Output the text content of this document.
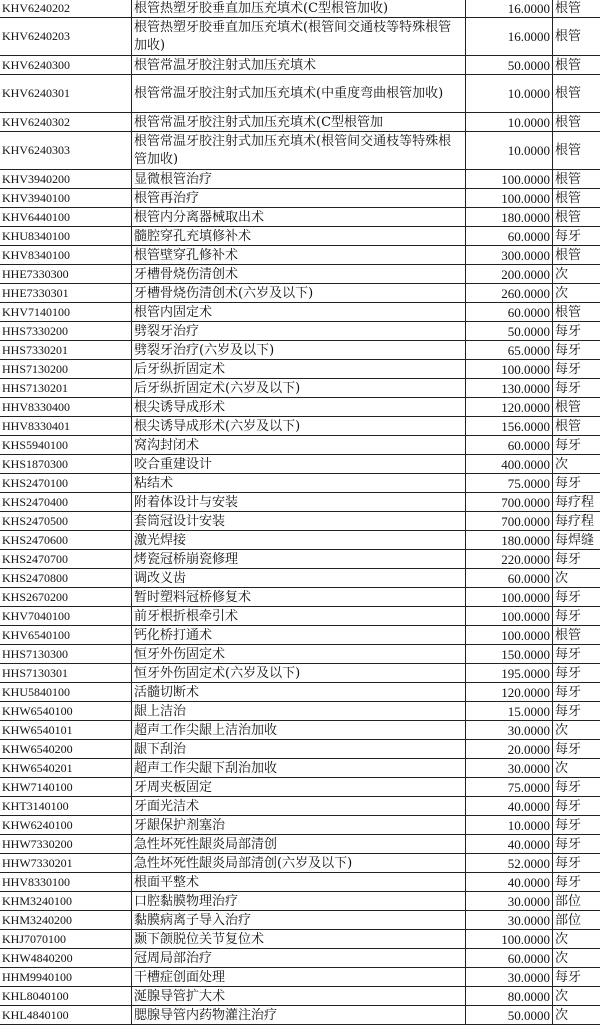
KHV6240202	根管热塑牙胶垂直加压充填术(C型根管加收)	16.0000	根管
KHV6240203	根管热塑牙胶垂直加压充填术(根管间交通枝等特殊根管加收)	16.0000	根管
KHV6240300	根管常温牙胶注射式加压充填术	50.0000	根管
KHV6240301	根管常温牙胶注射式加压充填术(中重度弯曲根管加收)	10.0000	根管
KHV6240302	根管常温牙胶注射式加压充填术(C型根管加	10.0000	根管
KHV6240303	根管常温牙胶注射式加压充填术(根管间交通枝等特殊根管加收)	10.0000	根管
KHV3940200	显微根管治疗	100.0000	根管
KHV3940100	根管再治疗	100.0000	根管
KHV6440100	根管内分离器械取出术	180.0000	根管
KHU8340100	髓腔穿孔充填修补术	60.0000	每牙
KHV8340100	根管壁穿孔修补术	300.0000	根管
HHE7330300	牙槽骨烧伤清创术	200.0000	次
HHE7330301	牙槽骨烧伤清创术(六岁及以下)	260.0000	次
KHV7140100	根管内固定术	60.0000	根管
HHS7330200	劈裂牙治疗	50.0000	每牙
HHS7330201	劈裂牙治疗(六岁及以下)	65.0000	每牙
HHS7130200	后牙纵折固定术	100.0000	每牙
HHS7130201	后牙纵折固定术(六岁及以下)	130.0000	每牙
HHV8330400	根尖诱导成形术	120.0000	根管
HHV8330401	根尖诱导成形术(六岁及以下)	156.0000	根管
KHS5940100	窝沟封闭术	60.0000	每牙
KHS1870300	咬合重建设计	400.0000	次
KHS2470100	粘结术	75.0000	每牙
KHS2470400	附着体设计与安装	700.0000	每疗程
KHS2470500	套筒冠设计安装	700.0000	每疗程
KHS2470600	激光焊接	180.0000	每焊缝
KHS2470700	烤瓷冠桥崩瓷修理	220.0000	每牙
KHS2470800	调改义齿	60.0000	次
KHS2670200	暂时塑料冠桥修复术	100.0000	每牙
KHV7040100	前牙根折根牵引术	100.0000	每牙
KHV6540100	钙化桥打通术	100.0000	根管
HHS7130300	恒牙外伤固定术	150.0000	每牙
HHS7130301	恒牙外伤固定术(六岁及以下)	195.0000	每牙
KHU5840100	活髓切断术	120.0000	每牙
KHW6540100	龈上洁治	15.0000	每牙
KHW6540101	超声工作尖龈上洁治加收	30.0000	次
KHW6540200	龈下刮治	20.0000	每牙
KHW6540201	超声工作尖龈下刮治加收	30.0000	次
KHW7140100	牙周夹板固定	75.0000	每牙
KHT3140100	牙面光洁术	40.0000	每牙
KHW6240100	牙龈保护剂塞治	10.0000	每牙
HHW7330200	急性坏死性龈炎局部清创	40.0000	每牙
HHW7330201	急性坏死性龈炎局部清创(六岁及以下)	52.0000	每牙
HHV8330100	根面平整术	40.0000	每牙
KHM3240100	口腔黏膜物理治疗	30.0000	部位
KHM3240200	黏膜病离子导入治疗	30.0000	部位
KHJ7070100	颞下颌脱位关节复位术	100.0000	次
KHW4840200	冠周局部治疗	60.0000	次
HHM9940100	干槽症创面处理	30.0000	每牙
KHL8040100	涎腺导管扩大术	80.0000	次
KHL4840100	腮腺导管内药物灌注治疗	50.0000	次
